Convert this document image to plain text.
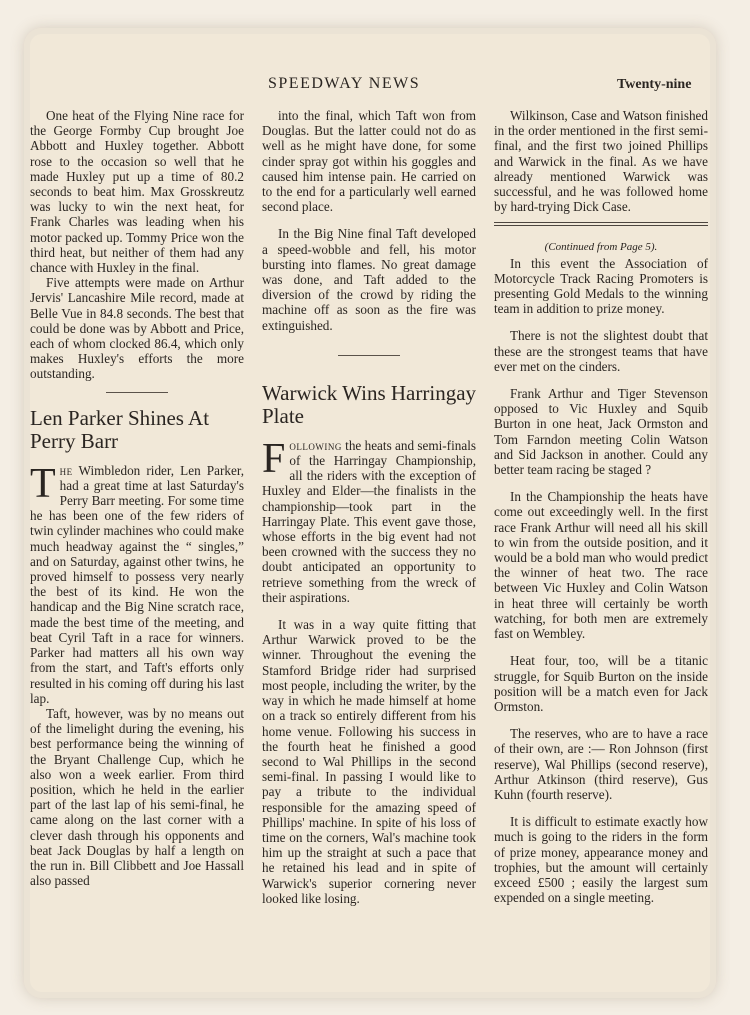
SPEEDWAY NEWS	Twenty-nine

One heat of the Flying Nine race for the George Formby Cup brought Joe Abbott and Huxley together. Abbott rose to the occasion so well that he made Huxley put up a time of 80.2 seconds to beat him. Max Grosskreutz was lucky to win the next heat, for Frank Charles was leading when his motor packed up. Tommy Price won the third heat, but neither of them had any chance with Huxley in the final.

Five attempts were made on Arthur Jervis' Lancashire Mile record, made at Belle Vue in 84.8 seconds. The best that could be done was by Abbott and Price, each of whom clocked 86.4, which only makes Huxley's efforts the more outstanding.

Len Parker Shines At Perry Barr

The Wimbledon rider, Len Parker, had a great time at last Saturday's Perry Barr meeting. For some time he has been one of the few riders of twin cylinder machines who could make much headway against the “ singles,” and on Saturday, against other twins, he proved himself to possess very nearly the best of its kind. He won the handicap and the Big Nine scratch race, made the best time of the meeting, and beat Cyril Taft in a race for winners. Parker had matters all his own way from the start, and Taft's efforts only resulted in his coming off during his last lap.

Taft, however, was by no means out of the limelight during the evening, his best performance being the winning of the Bryant Challenge Cup, which he also won a week earlier. From third position, which he held in the earlier part of the last lap of his semi-final, he came along on the last corner with a clever dash through his opponents and beat Jack Douglas by half a length on the run in. Bill Clibbett and Joe Hassall also passed

into the final, which Taft won from Douglas. But the latter could not do as well as he might have done, for some cinder spray got within his goggles and caused him intense pain. He carried on to the end for a particularly well earned second place.

In the Big Nine final Taft developed a speed-wobble and fell, his motor bursting into flames. No great damage was done, and Taft added to the diversion of the crowd by riding the machine off as soon as the fire was extinguished.

Warwick Wins Harringay Plate

Following the heats and semi-finals of the Harringay Championship, all the riders with the exception of Huxley and Elder—the finalists in the championship—took part in the Harringay Plate. This event gave those, whose efforts in the big event had not been crowned with the success they no doubt anticipated an opportunity to retrieve something from the wreck of their aspirations.

It was in a way quite fitting that Arthur Warwick proved to be the winner. Throughout the evening the Stamford Bridge rider had surprised most people, including the writer, by the way in which he made himself at home on a track so entirely different from his home venue. Following his success in the fourth heat he finished a good second to Wal Phillips in the second semi-final. In passing I would like to pay a tribute to the individual responsible for the amazing speed of Phillips' machine. In spite of his loss of time on the corners, Wal's machine took him up the straight at such a pace that he retained his lead and in spite of Warwick's superior cornering never looked like losing.

Wilkinson, Case and Watson finished in the order mentioned in the first semi-final, and the first two joined Phillips and Warwick in the final. As we have already mentioned Warwick was successful, and he was followed home by hard-trying Dick Case.

(Continued from Page 5).

In this event the Association of Motorcycle Track Racing Promoters is presenting Gold Medals to the winning team in addition to prize money.

There is not the slightest doubt that these are the strongest teams that have ever met on the cinders.

Frank Arthur and Tiger Stevenson opposed to Vic Huxley and Squib Burton in one heat, Jack Ormston and Tom Farndon meeting Colin Watson and Sid Jackson in another. Could any better team racing be staged ?

In the Championship the heats have come out exceedingly well. In the first race Frank Arthur will need all his skill to win from the outside position, and it would be a bold man who would predict the winner of heat two. The race between Vic Huxley and Colin Watson in heat three will certainly be worth watching, for both men are extremely fast on Wembley.

Heat four, too, will be a titanic struggle, for Squib Burton on the inside position will be a match even for Jack Ormston.

The reserves, who are to have a race of their own, are :— Ron Johnson (first reserve), Wal Phillips (second reserve), Arthur Atkinson (third reserve), Gus Kuhn (fourth reserve).

It is difficult to estimate exactly how much is going to the riders in the form of prize money, appearance money and trophies, but the amount will certainly exceed £500 ; easily the largest sum expended on a single meeting.
